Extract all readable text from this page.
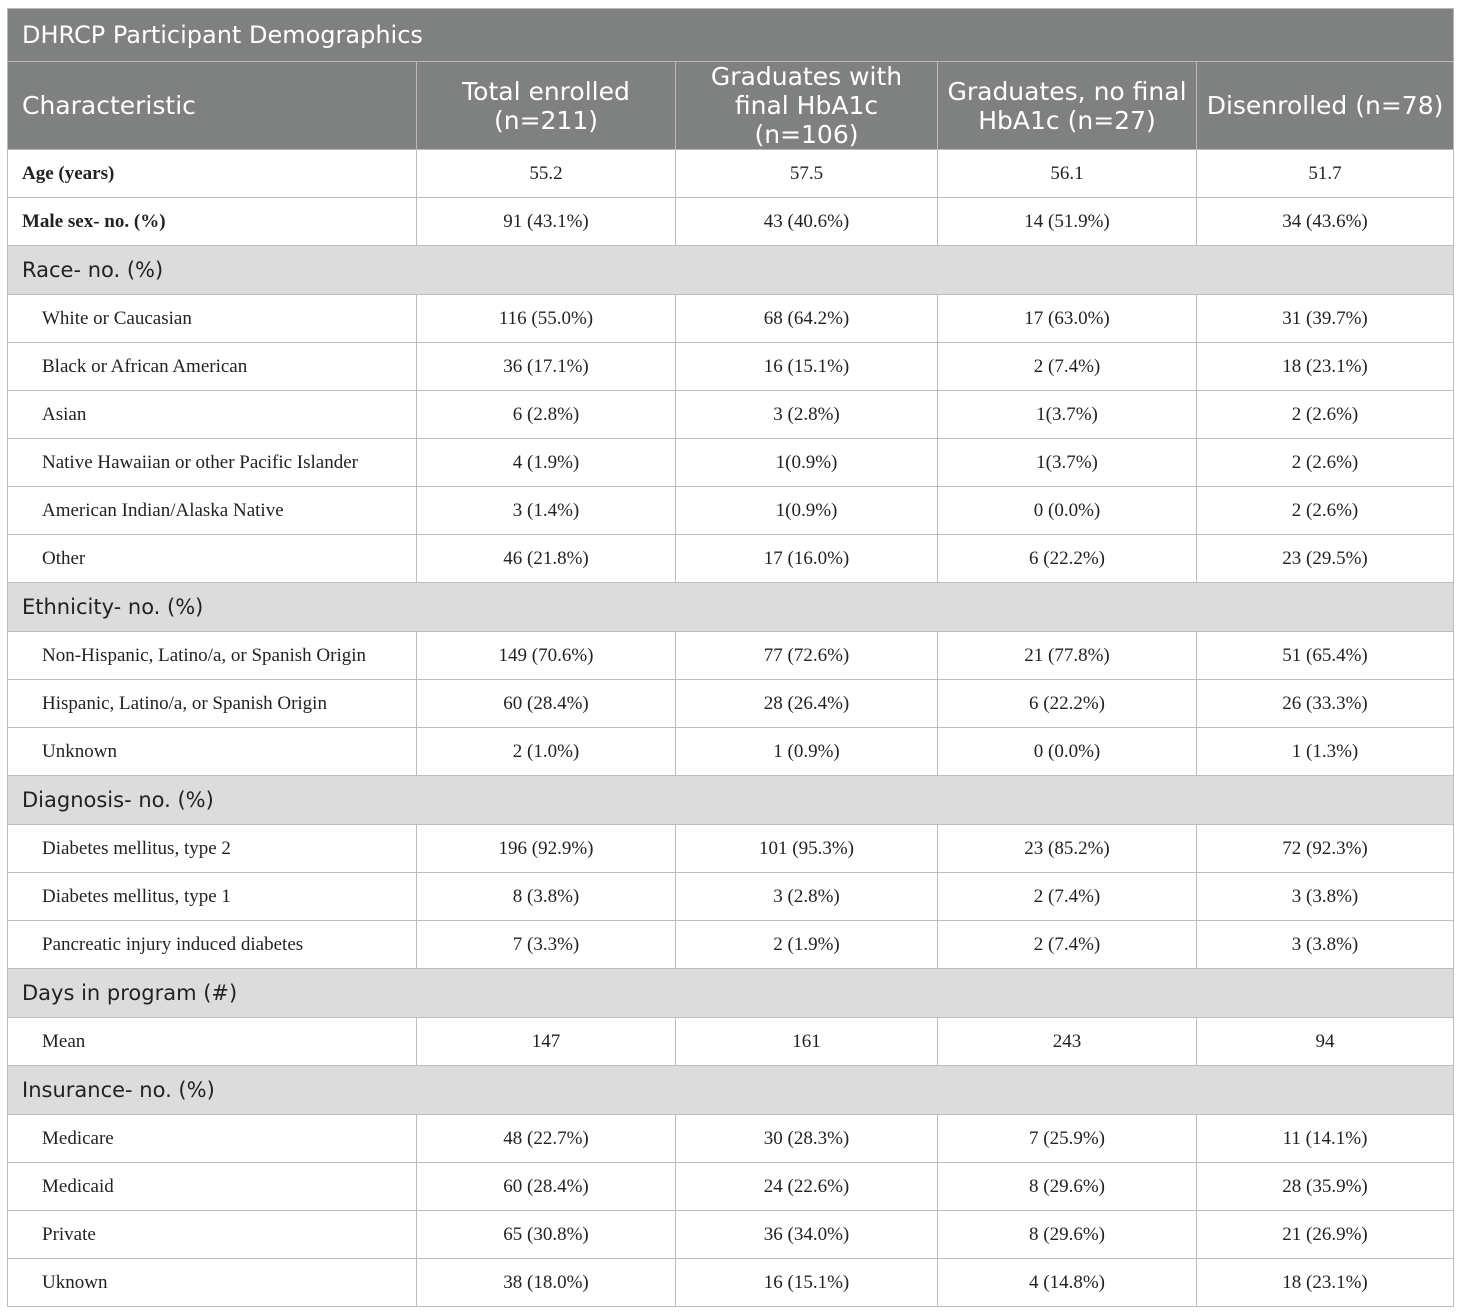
DHRCP Participant Demographics				
Characteristic	Total enrolled (n=211)	Graduates with final HbA1c (n=106)	Graduates, no final HbA1c (n=27)	Disenrolled (n=78)
Age (years)	55.2	57.5	56.1	51.7
Male sex- no. (%)	91 (43.1%)	43 (40.6%)	14 (51.9%)	34 (43.6%)
Race- no. (%)				
White or Caucasian	116 (55.0%)	68 (64.2%)	17 (63.0%)	31 (39.7%)
Black or African American	36 (17.1%)	16 (15.1%)	2 (7.4%)	18 (23.1%)
Asian	6 (2.8%)	3 (2.8%)	1(3.7%)	2 (2.6%)
Native Hawaiian or other Pacific Islander	4 (1.9%)	1(0.9%)	1(3.7%)	2 (2.6%)
American Indian/Alaska Native	3 (1.4%)	1(0.9%)	0 (0.0%)	2 (2.6%)
Other	46 (21.8%)	17 (16.0%)	6 (22.2%)	23 (29.5%)
Ethnicity- no. (%)				
Non-Hispanic, Latino/a, or Spanish Origin	149 (70.6%)	77 (72.6%)	21 (77.8%)	51 (65.4%)
Hispanic, Latino/a, or Spanish Origin	60 (28.4%)	28 (26.4%)	6 (22.2%)	26 (33.3%)
Unknown	2 (1.0%)	1 (0.9%)	0 (0.0%)	1 (1.3%)
Diagnosis- no. (%)				
Diabetes mellitus, type 2	196 (92.9%)	101 (95.3%)	23 (85.2%)	72 (92.3%)
Diabetes mellitus, type 1	8 (3.8%)	3 (2.8%)	2 (7.4%)	3 (3.8%)
Pancreatic injury induced diabetes	7 (3.3%)	2 (1.9%)	2 (7.4%)	3 (3.8%)
Days in program (#)				
Mean	147	161	243	94
Insurance- no. (%)				
Medicare	48 (22.7%)	30 (28.3%)	7 (25.9%)	11 (14.1%)
Medicaid	60 (28.4%)	24 (22.6%)	8 (29.6%)	28 (35.9%)
Private	65 (30.8%)	36 (34.0%)	8 (29.6%)	21 (26.9%)
Uknown	38 (18.0%)	16 (15.1%)	4 (14.8%)	18 (23.1%)
